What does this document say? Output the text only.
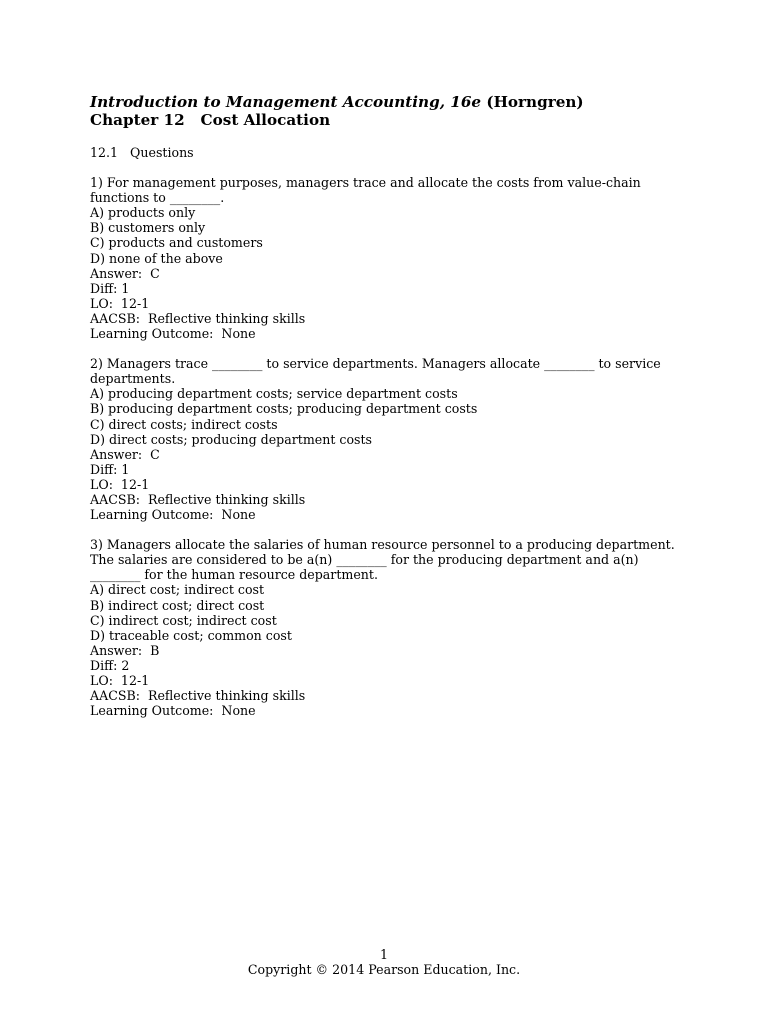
Introduction to Management Accounting, 16e (Horngren)
Chapter 12   Cost Allocation
12.1   Questions
1) For management purposes, managers trace and allocate the costs from value-chain
functions to ________.
A) products only
B) customers only
C) products and customers
D) none of the above
Answer:  C
Diff: 1
LO:  12-1
AACSB:  Reflective thinking skills
Learning Outcome:  None
2) Managers trace ________ to service departments. Managers allocate ________ to service
departments.
A) producing department costs; service department costs
B) producing department costs; producing department costs
C) direct costs; indirect costs
D) direct costs; producing department costs
Answer:  C
Diff: 1
LO:  12-1
AACSB:  Reflective thinking skills
Learning Outcome:  None
3) Managers allocate the salaries of human resource personnel to a producing department.
The salaries are considered to be a(n) ________ for the producing department and a(n)
________ for the human resource department.
A) direct cost; indirect cost
B) indirect cost; direct cost
C) indirect cost; indirect cost
D) traceable cost; common cost
Answer:  B
Diff: 2
LO:  12-1
AACSB:  Reflective thinking skills
Learning Outcome:  None
1
Copyright © 2014 Pearson Education, Inc.
